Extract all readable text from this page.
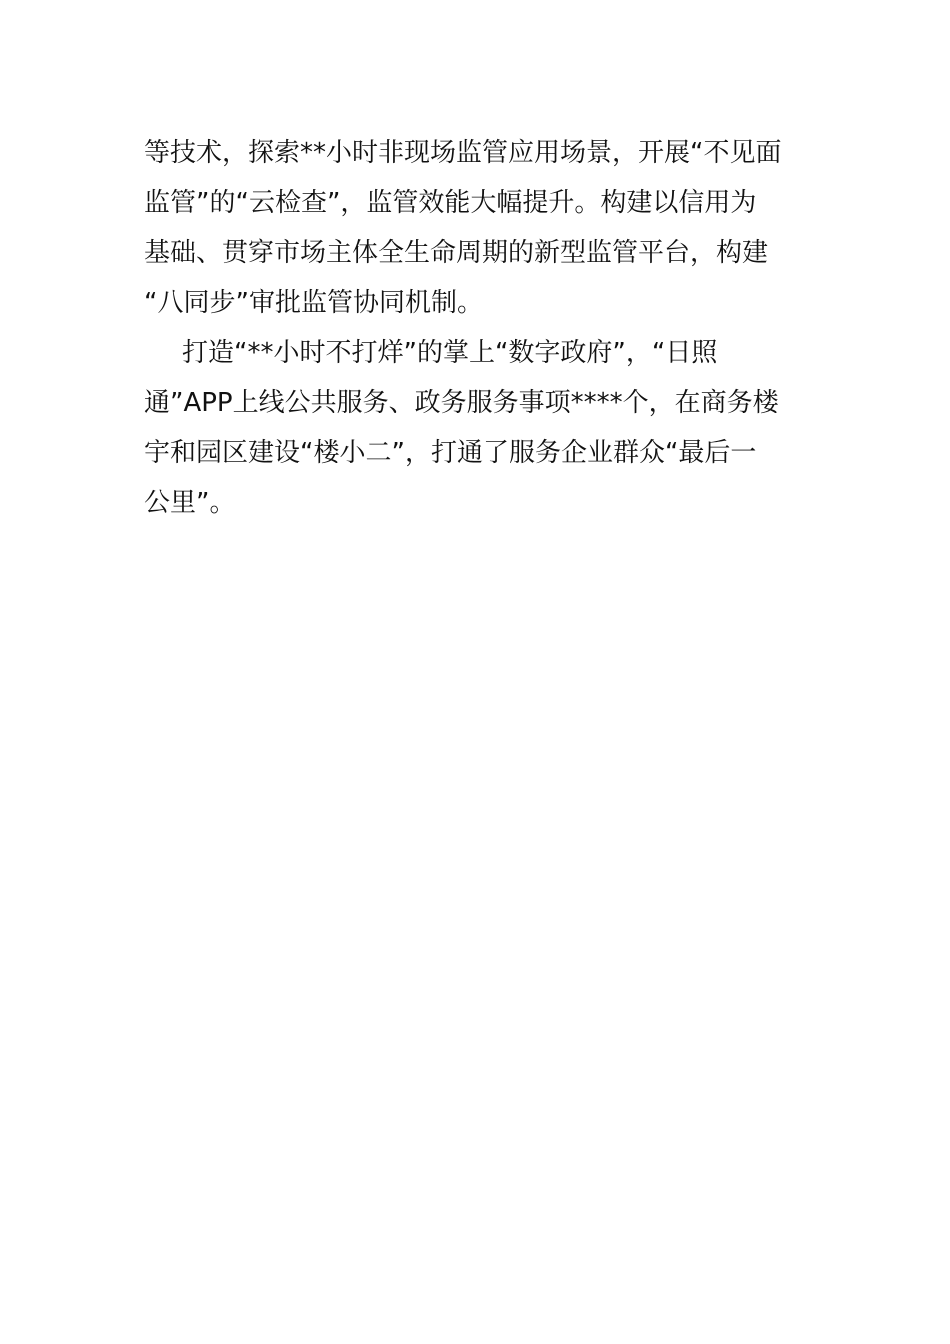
等技术，探索**小时非现场监管应用场景，开展“不见面
监管”的“云检查”，监管效能大幅提升。构建以信用为
基础、贯穿市场主体全生命周期的新型监管平台，构建
“八同步”审批监管协同机制。
打造“**小时不打烊”的掌上“数字政府”，“日照
通”APP上线公共服务、政务服务事项****个，在商务楼
宇和园区建设“楼小二”，打通了服务企业群众“最后一
公里”。
